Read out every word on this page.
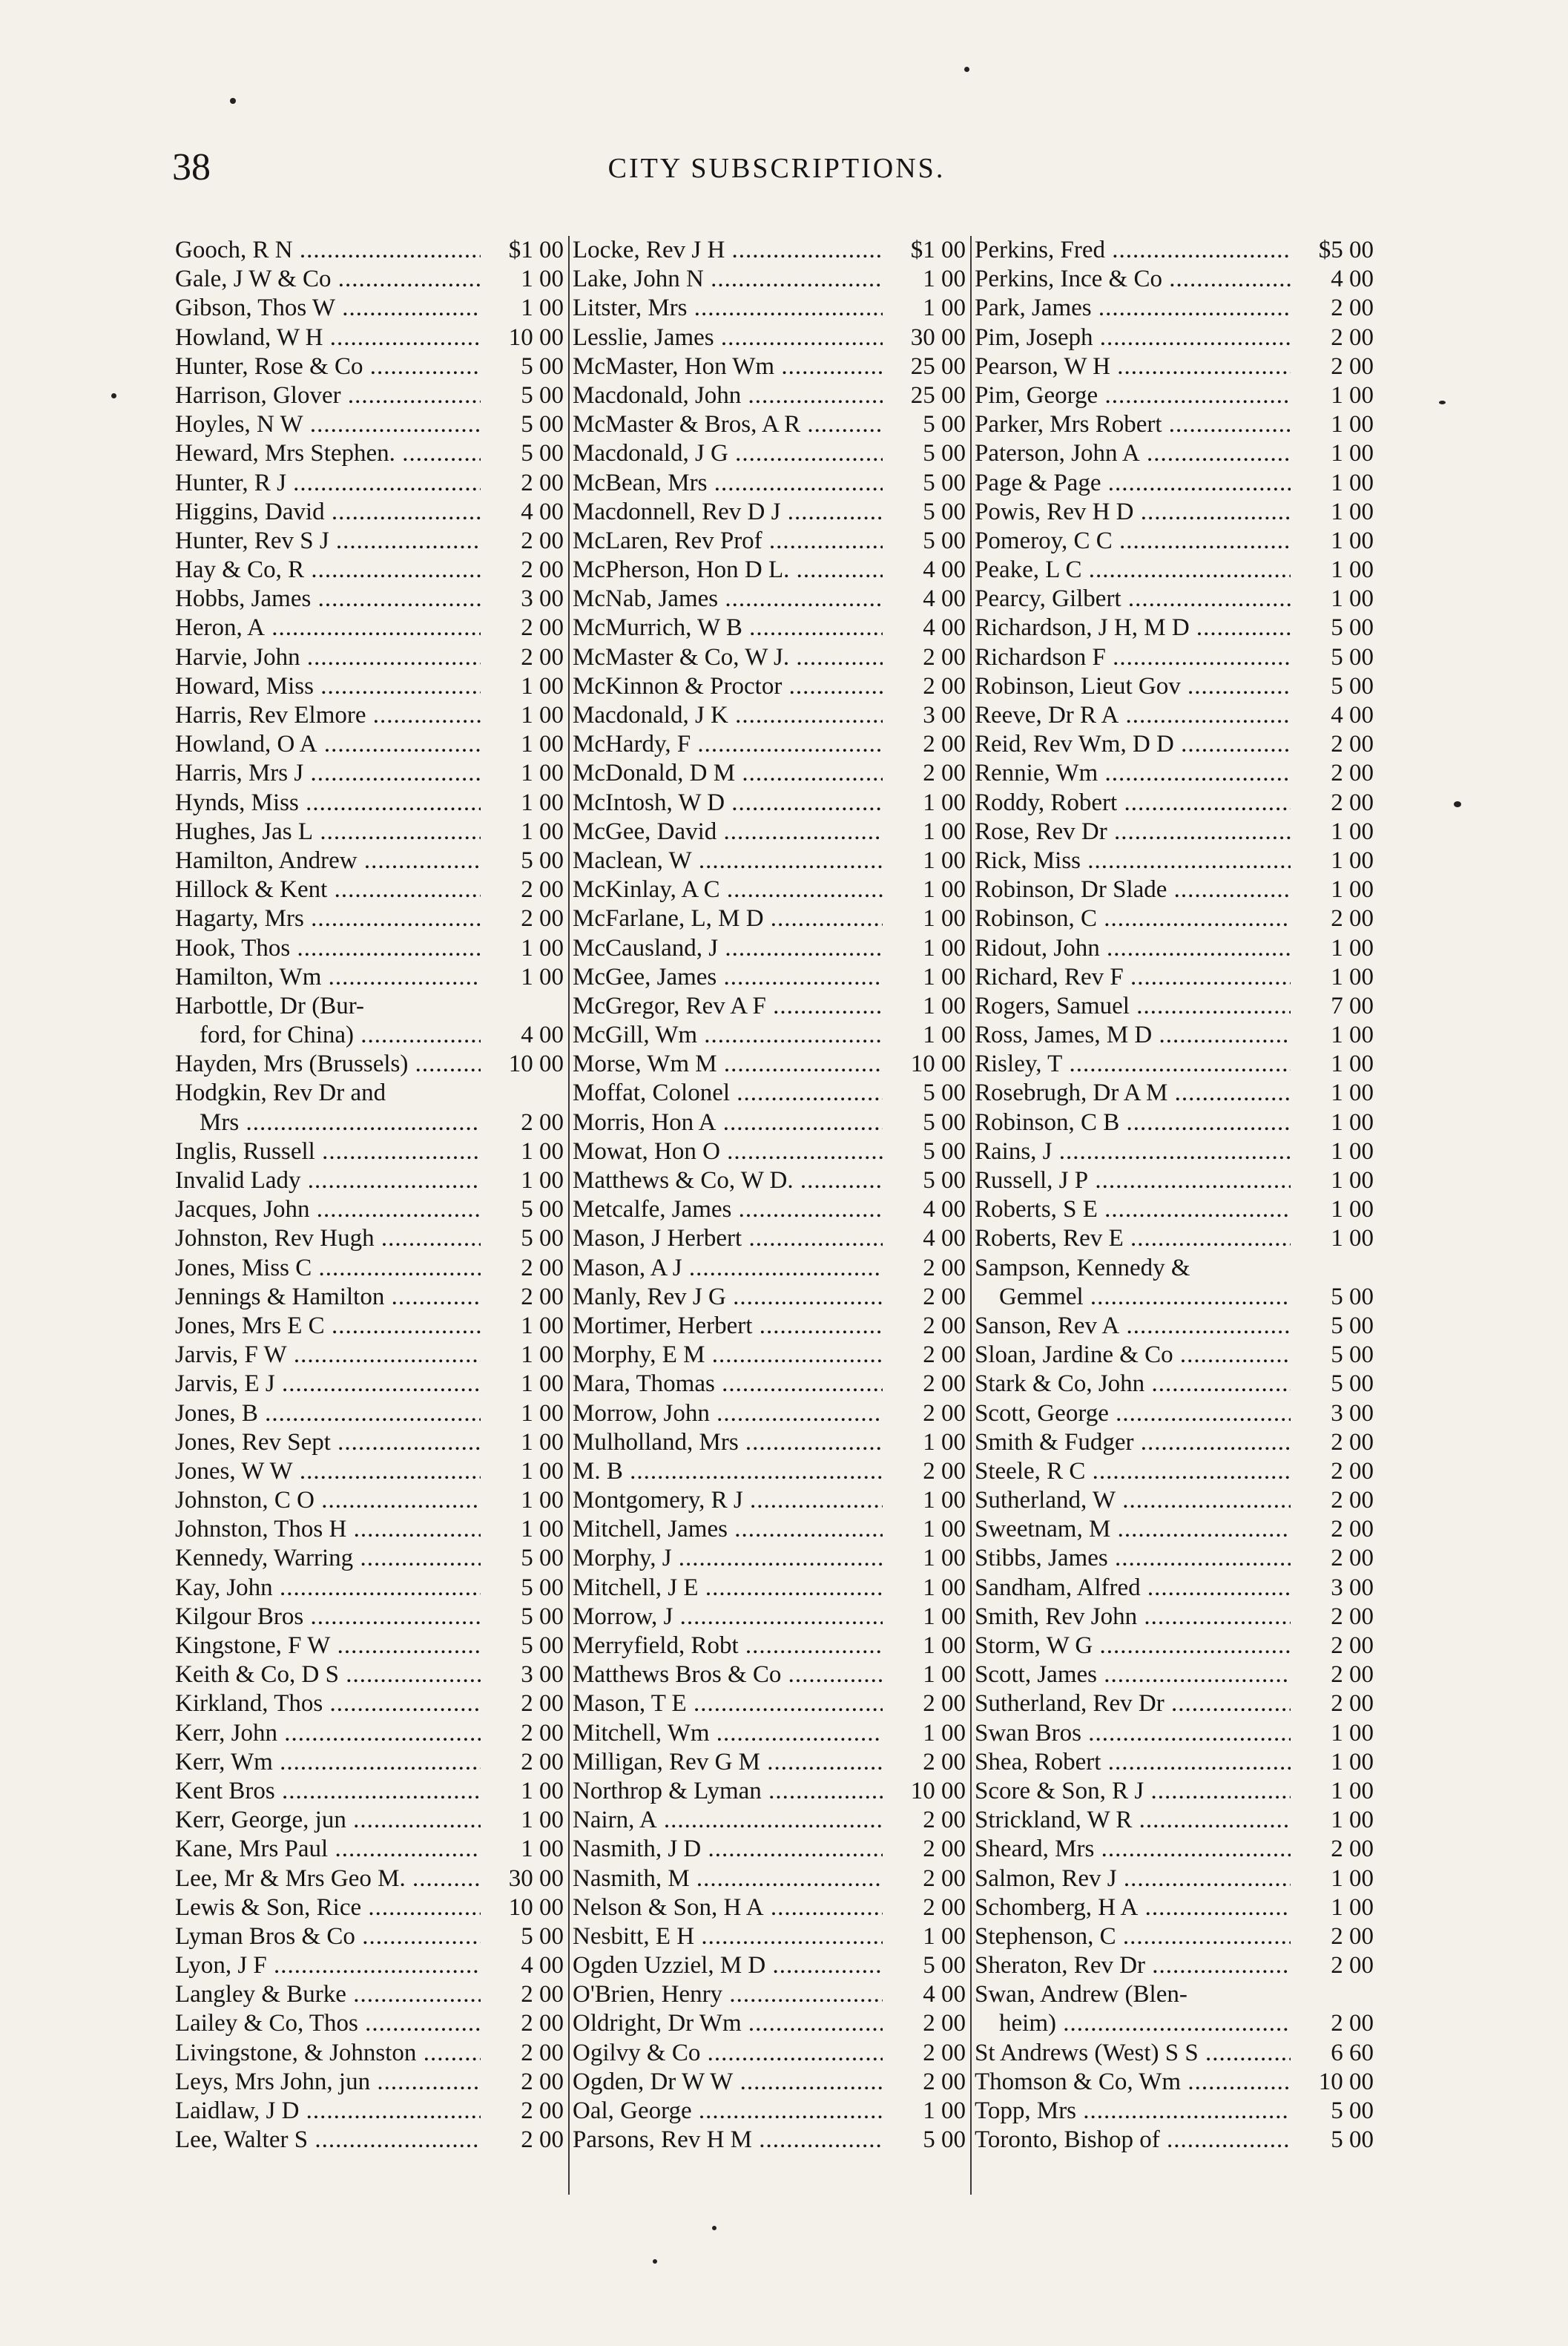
38	CITY SUBSCRIPTIONS.
Gooch, R N .....	$1 00
Gale, J W & Co .....	1 00
Gibson, Thos W .....	1 00
Howland, W H .....	10 00
Hunter, Rose & Co .....	5 00
Harrison, Glover .....	5 00
Hoyles, N W .....	5 00
Heward, Mrs Stephen. .....	5 00
Hunter, R J .....	2 00
Higgins, David .....	4 00
Hunter, Rev S J .....	2 00
Hay & Co, R .....	2 00
Hobbs, James .....	3 00
Heron, A .....	2 00
Harvie, John .....	2 00
Howard, Miss .....	1 00
Harris, Rev Elmore .....	1 00
Howland, O A .....	1 00
Harris, Mrs J .....	1 00
Hynds, Miss .....	1 00
Hughes, Jas L .....	1 00
Hamilton, Andrew .....	5 00
Hillock & Kent .....	2 00
Hagarty, Mrs .....	2 00
Hook, Thos .....	1 00
Hamilton, Wm .....	1 00
Harbottle, Dr (Bur-
ford, for China) .....	4 00
Hayden, Mrs (Brussels) .....	10 00
Hodgkin, Rev Dr and
Mrs .....	2 00
Inglis, Russell .....	1 00
Invalid Lady .....	1 00
Jacques, John .....	5 00
Johnston, Rev Hugh .....	5 00
Jones, Miss C .....	2 00
Jennings & Hamilton .....	2 00
Jones, Mrs E C .....	1 00
Jarvis, F W .....	1 00
Jarvis, E J .....	1 00
Jones, B .....	1 00
Jones, Rev Sept .....	1 00
Jones, W W .....	1 00
Johnston, C O .....	1 00
Johnston, Thos H .....	1 00
Kennedy, Warring .....	5 00
Kay, John .....	5 00
Kilgour Bros .....	5 00
Kingstone, F W .....	5 00
Keith & Co, D S .....	3 00
Kirkland, Thos .....	2 00
Kerr, John .....	2 00
Kerr, Wm .....	2 00
Kent Bros .....	1 00
Kerr, George, jun .....	1 00
Kane, Mrs Paul .....	1 00
Lee, Mr & Mrs Geo M. .....	30 00
Lewis & Son, Rice .....	10 00
Lyman Bros & Co .....	5 00
Lyon, J F .....	4 00
Langley & Burke .....	2 00
Lailey & Co, Thos .....	2 00
Livingstone, & Johnston .....	2 00
Leys, Mrs John, jun .....	2 00
Laidlaw, J D .....	2 00
Lee, Walter S .....	2 00
Locke, Rev J H .....	$1 00
Lake, John N .....	1 00
Litster, Mrs .....	1 00
Lesslie, James .....	30 00
McMaster, Hon Wm .....	25 00
Macdonald, John .....	25 00
McMaster & Bros, A R .....	5 00
Macdonald, J G .....	5 00
McBean, Mrs .....	5 00
Macdonnell, Rev D J .....	5 00
McLaren, Rev Prof .....	5 00
McPherson, Hon D L. .....	4 00
McNab, James .....	4 00
McMurrich, W B .....	4 00
McMaster & Co, W J. .....	2 00
McKinnon & Proctor .....	2 00
Macdonald, J K .....	3 00
McHardy, F .....	2 00
McDonald, D M .....	2 00
McIntosh, W D .....	1 00
McGee, David .....	1 00
Maclean, W .....	1 00
McKinlay, A C .....	1 00
McFarlane, L, M D .....	1 00
McCausland, J .....	1 00
McGee, James .....	1 00
McGregor, Rev A F .....	1 00
McGill, Wm .....	1 00
Morse, Wm M .....	10 00
Moffat, Colonel .....	5 00
Morris, Hon A .....	5 00
Mowat, Hon O .....	5 00
Matthews & Co, W D. .....	5 00
Metcalfe, James .....	4 00
Mason, J Herbert .....	4 00
Mason, A J .....	2 00
Manly, Rev J G .....	2 00
Mortimer, Herbert .....	2 00
Morphy, E M .....	2 00
Mara, Thomas .....	2 00
Morrow, John .....	2 00
Mulholland, Mrs .....	1 00
M. B .....	2 00
Montgomery, R J .....	1 00
Mitchell, James .....	1 00
Morphy, J .....	1 00
Mitchell, J E .....	1 00
Morrow, J .....	1 00
Merryfield, Robt .....	1 00
Matthews Bros & Co .....	1 00
Mason, T E .....	2 00
Mitchell, Wm .....	1 00
Milligan, Rev G M .....	2 00
Northrop & Lyman .....	10 00
Nairn, A .....	2 00
Nasmith, J D .....	2 00
Nasmith, M .....	2 00
Nelson & Son, H A .....	2 00
Nesbitt, E H .....	1 00
Ogden Uzziel, M D .....	5 00
O'Brien, Henry .....	4 00
Oldright, Dr Wm .....	2 00
Ogilvy & Co .....	2 00
Ogden, Dr W W .....	2 00
Oal, George .....	1 00
Parsons, Rev H M .....	5 00
Perkins, Fred .....	$5 00
Perkins, Ince & Co .....	4 00
Park, James .....	2 00
Pim, Joseph .....	2 00
Pearson, W H .....	2 00
Pim, George .....	1 00
Parker, Mrs Robert .....	1 00
Paterson, John A .....	1 00
Page & Page .....	1 00
Powis, Rev H D .....	1 00
Pomeroy, C C .....	1 00
Peake, L C .....	1 00
Pearcy, Gilbert .....	1 00
Richardson, J H, M D .....	5 00
Richardson F .....	5 00
Robinson, Lieut Gov .....	5 00
Reeve, Dr R A .....	4 00
Reid, Rev Wm, D D .....	2 00
Rennie, Wm .....	2 00
Roddy, Robert .....	2 00
Rose, Rev Dr .....	1 00
Rick, Miss .....	1 00
Robinson, Dr Slade .....	1 00
Robinson, C .....	2 00
Ridout, John .....	1 00
Richard, Rev F .....	1 00
Rogers, Samuel .....	7 00
Ross, James, M D .....	1 00
Risley, T .....	1 00
Rosebrugh, Dr A M .....	1 00
Robinson, C B .....	1 00
Rains, J .....	1 00
Russell, J P .....	1 00
Roberts, S E .....	1 00
Roberts, Rev E .....	1 00
Sampson, Kennedy &
Gemmel .....	5 00
Sanson, Rev A .....	5 00
Sloan, Jardine & Co .....	5 00
Stark & Co, John .....	5 00
Scott, George .....	3 00
Smith & Fudger .....	2 00
Steele, R C .....	2 00
Sutherland, W .....	2 00
Sweetnam, M .....	2 00
Stibbs, James .....	2 00
Sandham, Alfred .....	3 00
Smith, Rev John .....	2 00
Storm, W G .....	2 00
Scott, James .....	2 00
Sutherland, Rev Dr .....	2 00
Swan Bros .....	1 00
Shea, Robert .....	1 00
Score & Son, R J .....	1 00
Strickland, W R .....	1 00
Sheard, Mrs .....	2 00
Salmon, Rev J .....	1 00
Schomberg, H A .....	1 00
Stephenson, C .....	2 00
Sheraton, Rev Dr .....	2 00
Swan, Andrew (Blen-
heim) .....	2 00
St Andrews (West) S S .....	6 60
Thomson & Co, Wm .....	10 00
Topp, Mrs .....	5 00
Toronto, Bishop of .....	5 00
